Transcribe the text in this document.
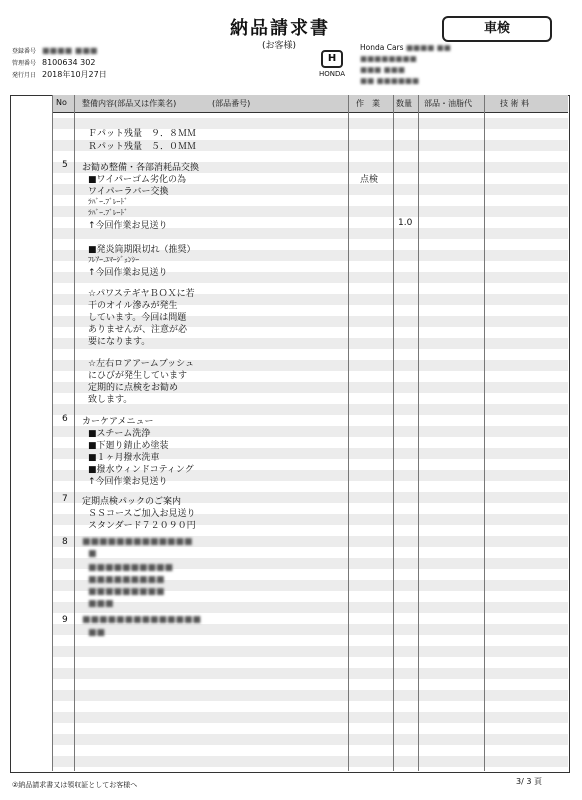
納品請求書
(お客様)
車検
登録番号 ■■■■ ■■■
管理番号 8100634 302
発行月日 2018年10月27日
H
HONDA
Honda Cars ■■■■ ■■
■■■■■■■■
■■■ ■■■
■■ ■■■■■■
No 整備内容(部品又は作業名)	(部品番号)	作　業 数量 部品・油脂代	技 術 料
Ｆパット残量　９．８ＭＭ
Ｒパット残量　５．０ＭＭ
5 お勧め整備・各部消耗品交換
■ワイパーゴム劣化の為	点検
ワイパーラバー交換
ﾗﾊﾞｰ.ﾌﾞﾚｰﾄﾞ
ﾗﾊﾞｰ.ﾌﾞﾚｰﾄﾞ
↑今回作業お見送り	1.0
■発炎筒期限切れ（推奨）
ﾌﾚｱｰ.ｴﾏｰｼﾞｪﾝｼｰ
↑今回作業お見送り
☆パワステギヤＢＯＸに若
干のオイル滲みが発生
しています。今回は問題
ありませんが、注意が必
要になります。
☆左右ロアアームブッシュ
にひびが発生しています
定期的に点検をお勧め
致します。
6 カーケアメニュー
■スチーム洗浄
■下廻り錆止め塗装
■１ヶ月撥水洗車
■撥水ウィンドコティング
↑今回作業お見送り
7 定期点検パックのご案内
ＳＳコースご加入お見送り
スタンダード７２０９０円
8 ■■■■■■■■■■■■■
■
■■■■■■■■■■
■■■■■■■■■
■■■■■■■■■
■■■
9 ■■■■■■■■■■■■■■
■■
②納品請求書又は領収証としてお客様へ	3/ 3 頁
